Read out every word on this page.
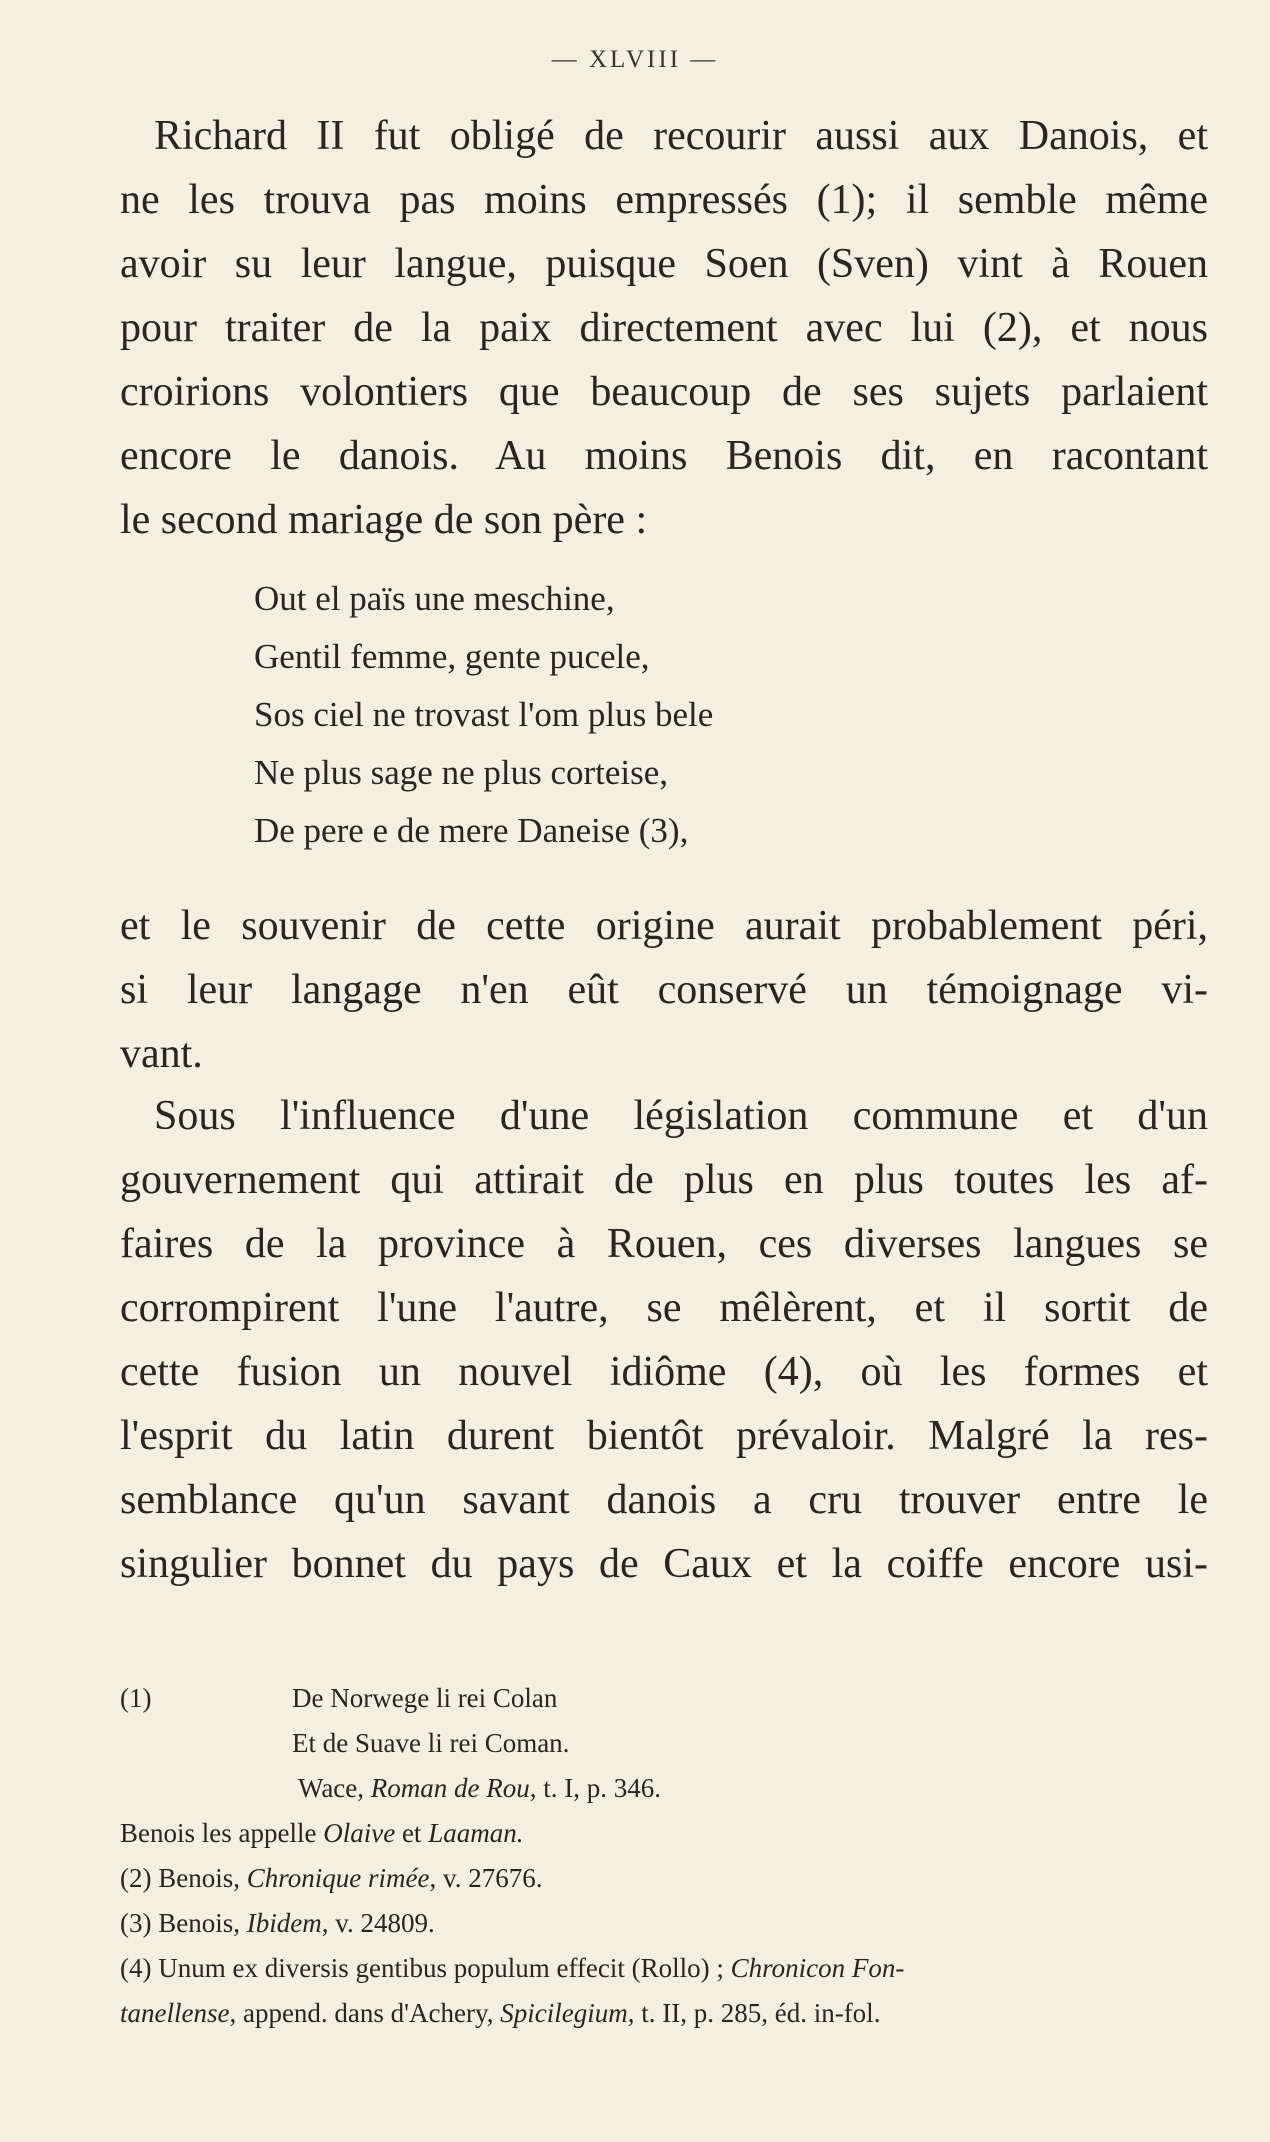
— XLVIII —
Richard II fut obligé de recourir aussi aux Danois, et
ne les trouva pas moins empressés (1); il semble même
avoir su leur langue, puisque Soen (Sven) vint à Rouen
pour traiter de la paix directement avec lui (2), et nous
croirions volontiers que beaucoup de ses sujets parlaient
encore le danois. Au moins Benois dit, en racontant
le second mariage de son père :
Out el païs une meschine,
Gentil femme, gente pucele,
Sos ciel ne trovast l'om plus bele
Ne plus sage ne plus corteise,
De pere e de mere Daneise (3),
et le souvenir de cette origine aurait probablement péri,
si leur langage n'en eût conservé un témoignage vi-
vant.
Sous l'influence d'une législation commune et d'un
gouvernement qui attirait de plus en plus toutes les af-
faires de la province à Rouen, ces diverses langues se
corrompirent l'une l'autre, se mêlèrent, et il sortit de
cette fusion un nouvel idiôme (4), où les formes et
l'esprit du latin durent bientôt prévaloir. Malgré la res-
semblance qu'un savant danois a cru trouver entre le
singulier bonnet du pays de Caux et la coiffe encore usi-
(1)	De Norwege li rei Colan
Et de Suave li rei Coman.
Wace, Roman de Rou, t. I, p. 346.
Benois les appelle Olaive et Laaman.
(2) Benois, Chronique rimée, v. 27676.
(3) Benois, Ibidem, v. 24809.
(4) Unum ex diversis gentibus populum effecit (Rollo) ; Chronicon Fon-
tanellense, append. dans d'Achery, Spicilegium, t. II, p. 285, éd. in-fol.
